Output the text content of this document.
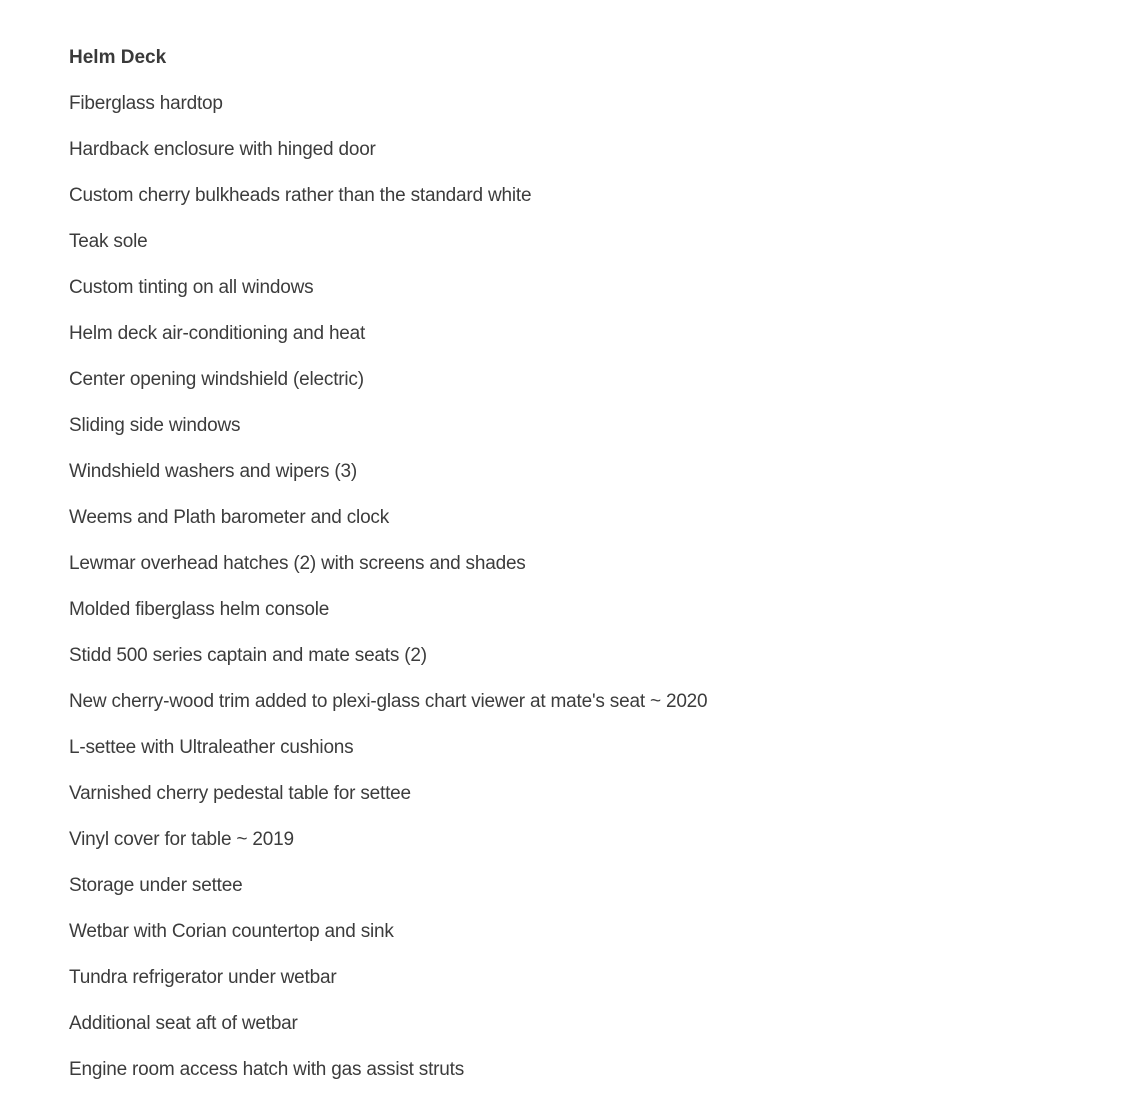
Helm Deck
Fiberglass hardtop
Hardback enclosure with hinged door
Custom cherry bulkheads rather than the standard white
Teak sole
Custom tinting on all windows
Helm deck air-conditioning and heat
Center opening windshield (electric)
Sliding side windows
Windshield washers and wipers (3)
Weems and Plath barometer and clock
Lewmar overhead hatches (2) with screens and shades
Molded fiberglass helm console
Stidd 500 series captain and mate seats (2)
New cherry-wood trim added to plexi-glass chart viewer at mate's seat ~ 2020
L-settee with Ultraleather cushions
Varnished cherry pedestal table for settee
Vinyl cover for table ~ 2019
Storage under settee
Wetbar with Corian countertop and sink
Tundra refrigerator under wetbar
Additional seat aft of wetbar
Engine room access hatch with gas assist struts
